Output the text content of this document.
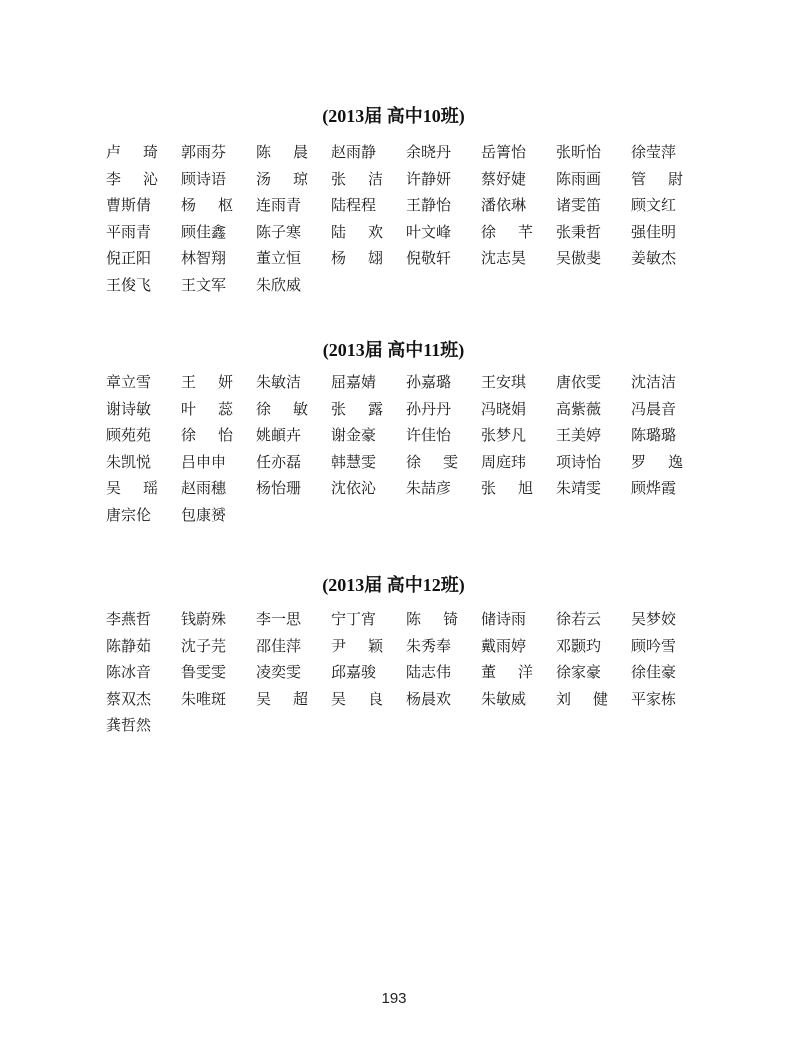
(2013届 高中10班)
卢 琦	郭雨芬	陈 晨	赵雨静	余晓丹	岳箐怡	张昕怡	徐莹萍
李 沁	顾诗语	汤 琼	张 洁	许静妍	蔡妤婕	陈雨画	管 尉
曹斯倩	杨 枢	连雨青	陆程程	王静怡	潘依琳	诸雯笛	顾文红
平雨青	顾佳鑫	陈子寒	陆 欢	叶文峰	徐 芊	张秉哲	强佳明
倪正阳	林智翔	董立恒	杨 翃	倪敬轩	沈志昊	吴傲斐	姜敏杰
王俊飞	王文军	朱欣威
(2013届 高中11班)
章立雪	王 妍	朱敏洁	屈嘉婧	孙嘉璐	王安琪	唐依雯	沈洁洁
谢诗敏	叶 蕊	徐 敏	张 露	孙丹丹	冯晓娟	高紫薇	冯晨音
顾苑苑	徐 怡	姚頔卉	谢金豪	许佳怡	张梦凡	王美婷	陈璐璐
朱凯悦	吕申申	任亦磊	韩慧雯	徐 雯	周庭玮	项诗怡	罗 逸
吴 瑶	赵雨穗	杨怡珊	沈依沁	朱喆彦	张 旭	朱靖雯	顾烨霞
唐宗伦	包康赟
(2013届 高中12班)
李燕哲	钱蔚殊	李一思	宁丁宵	陈 锜	储诗雨	徐若云	吴梦姣
陈静茹	沈子芫	邵佳萍	尹 颖	朱秀奉	戴雨婷	邓颢玓	顾吟雪
陈冰音	鲁雯雯	凌奕雯	邱嘉骏	陆志伟	董 洋	徐家豪	徐佳豪
蔡双杰	朱唯斑	吴 超	吴 良	杨晨欢	朱敏威	刘 健	平家栋
龚哲然
193
